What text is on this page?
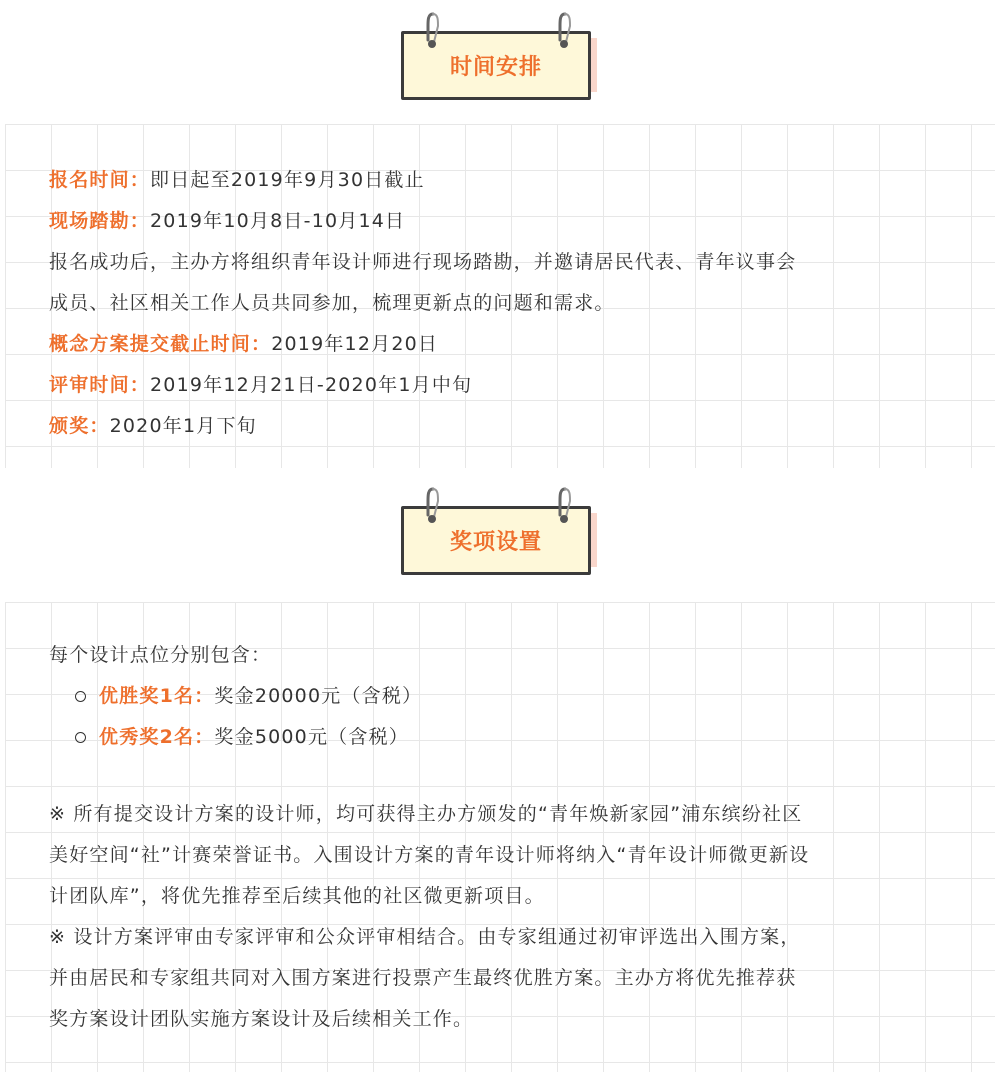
时间安排
报名时间：即日起至2019年9月30日截止
现场踏勘：2019年10月8日-10月14日
报名成功后，主办方将组织青年设计师进行现场踏勘，并邀请居民代表、青年议事会
成员、社区相关工作人员共同参加，梳理更新点的问题和需求。
概念方案提交截止时间：2019年12月20日
评审时间：2019年12月21日-2020年1月中旬
颁奖：2020年1月下旬
奖项设置
每个设计点位分别包含：
优胜奖1名：奖金20000元（含税）
优秀奖2名：奖金5000元（含税）
※ 所有提交设计方案的设计师，均可获得主办方颁发的“青年焕新家园”浦东缤纷社区
美好空间“社”计赛荣誉证书。入围设计方案的青年设计师将纳入“青年设计师微更新设
计团队库”，将优先推荐至后续其他的社区微更新项目。
※ 设计方案评审由专家评审和公众评审相结合。由专家组通过初审评选出入围方案，
并由居民和专家组共同对入围方案进行投票产生最终优胜方案。主办方将优先推荐获
奖方案设计团队实施方案设计及后续相关工作。
